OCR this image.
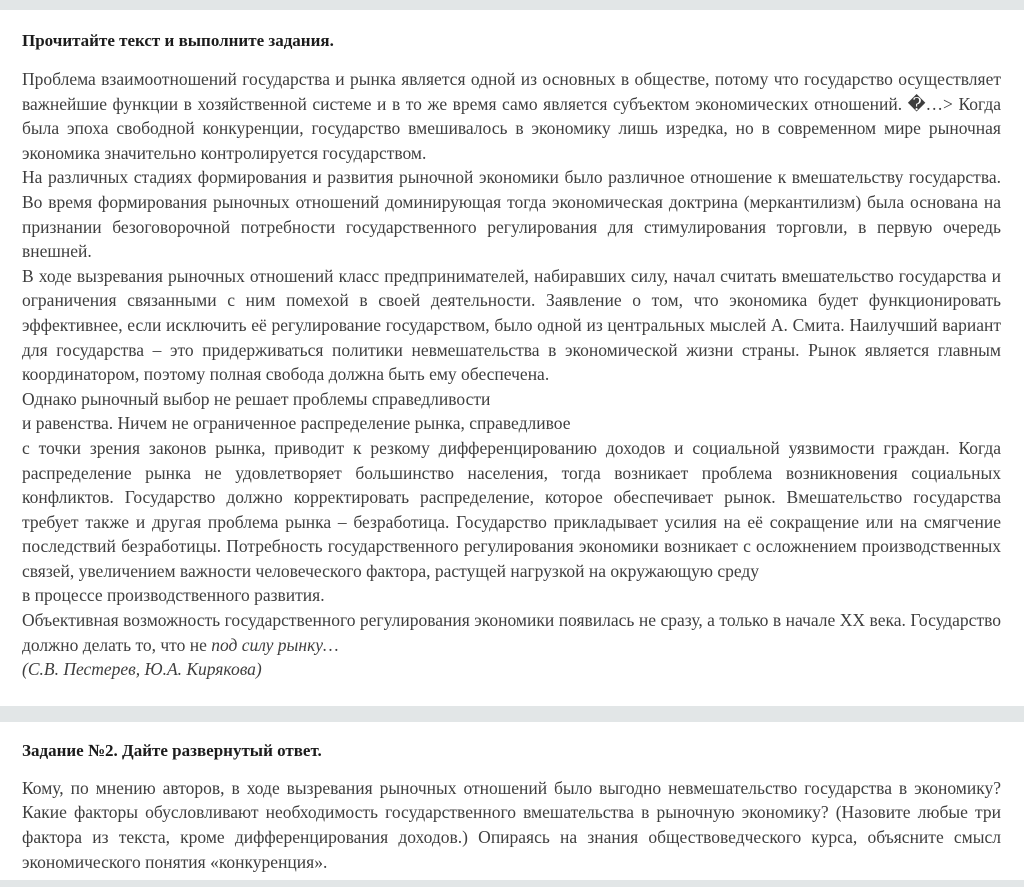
Прочитайте текст и выполните задания.

Проблема взаимоотношений государства и рынка является одной из основных в обществе, потому что государство осуществляет важнейшие функции в хозяйственной системе и в то же время само является субъектом экономических отношений. �…> Когда была эпоха свободной конкуренции, государство вмешивалось в экономику лишь изредка, но в современном мире рыночная экономика значительно контролируется государством.

На различных стадиях формирования и развития рыночной экономики было различное отношение к вмешательству государства. Во время формирования рыночных отношений доминирующая тогда экономическая доктрина (меркантилизм) была основана на признании безоговорочной потребности государственного регулирования для стимулирования торговли, в первую очередь внешней.

В ходе вызревания рыночных отношений класс предпринимателей, набиравших силу, начал считать вмешательство государства и ограничения связанными с ним помехой в своей деятельности. Заявление о том, что экономика будет функционировать эффективнее, если исключить её регулирование государством, было одной из центральных мыслей А. Смита. Наилучший вариант для государства – это придерживаться политики невмешательства в экономической жизни страны. Рынок является главным координатором, поэтому полная свобода должна быть ему обеспечена.

Однако рыночный выбор не решает проблемы справедливости
и равенства. Ничем не ограниченное распределение рынка, справедливое
с точки зрения законов рынка, приводит к резкому дифференцированию доходов и социальной уязвимости граждан. Когда распределение рынка не удовлетворяет большинство населения, тогда возникает проблема возникновения социальных конфликтов. Государство должно корректировать распределение, которое обеспечивает рынок. Вмешательство государства требует также и другая проблема рынка – безработица. Государство прикладывает усилия на её сокращение или на смягчение последствий безработицы. Потребность государственного регулирования экономики возникает с осложнением производственных связей, увеличением важности человеческого фактора, растущей нагрузкой на окружающую среду
в процессе производственного развития.

Объективная возможность государственного регулирования экономики появилась не сразу, а только в начале XX века. Государство должно делать то, что не под силу рынку…

(С.В. Пестерев, Ю.А. Кирякова)

Задание №2. Дайте развернутый ответ.

Кому, по мнению авторов, в ходе вызревания рыночных отношений было выгодно невмешательство государства в экономику? Какие факторы обусловливают необходимость государственного вмешательства в рыночную экономику? (Назовите любые три фактора из текста, кроме дифференцирования доходов.) Опираясь на знания обществоведческого курса, объясните смысл экономического понятия «конкуренция».
